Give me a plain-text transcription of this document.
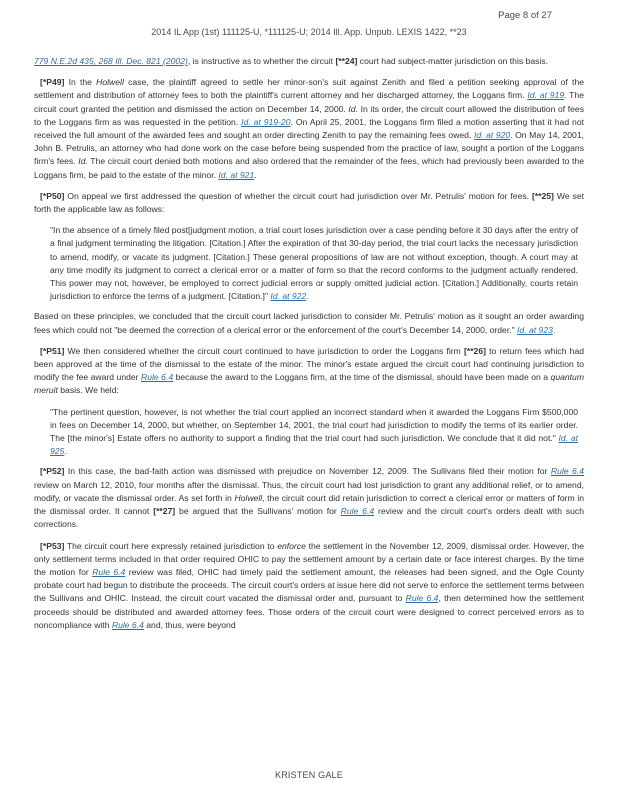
Page 8 of 27
2014 IL App (1st) 111125-U, *111125-U; 2014 Ill. App. Unpub. LEXIS 1422, **23

779 N.E.2d 435, 268 Ill. Dec. 821 (2002), is instructive as to whether the circuit [**24] court had subject-matter jurisdiction on this basis.

[*P49] In the Holwell case, the plaintiff agreed to settle her minor-son's suit against Zenith and filed a petition seeking approval of the settlement and distribution of attorney fees to both the plaintiff's current attorney and her discharged attorney, the Loggans firm. Id. at 919. The circuit court granted the petition and dismissed the action on December 14, 2000. Id. In its order, the circuit court allowed the distribution of fees to the Loggans firm as was requested in the petition. Id. at 919-20. On April 25, 2001, the Loggans firm filed a motion asserting that it had not received the full amount of the awarded fees and sought an order directing Zenith to pay the remaining fees owed. Id. at 920. On May 14, 2001, John B. Petrulis, an attorney who had done work on the case before being suspended from the practice of law, sought a portion of the Loggans firm's fees. Id. The circuit court denied both motions and also ordered that the remainder of the fees, which had previously been awarded to the Loggans firm, be paid to the estate of the minor. Id. at 921.

[*P50] On appeal we first addressed the question of whether the circuit court had jurisdiction over Mr. Petrulis' motion for fees. [**25] We set forth the applicable law as follows:

"In the absence of a timely filed post[judgment motion, a trial court loses jurisdiction over a case pending before it 30 days after the entry of a final judgment terminating the litigation. [Citation.] After the expiration of that 30-day period, the trial court lacks the necessary jurisdiction to amend, modify, or vacate its judgment. [Citation.] These general propositions of law are not without exception, though. A court may at any time modify its judgment to correct a clerical error or a matter of form so that the record conforms to the judgment actually rendered. This power may not, however, be employed to correct judicial errors or supply omitted judicial action. [Citation.] Additionally, courts retain jurisdiction to enforce the terms of a judgment. [Citation.]" Id. at 922.

Based on these principles, we concluded that the circuit court lacked jurisdiction to consider Mr. Petrulis' motion as it sought an order awarding fees which could not "be deemed the correction of a clerical error or the enforcement of the court's December 14, 2000, order." Id. at 923.

[*P51] We then considered whether the circuit court continued to have jurisdiction to order the Loggans firm [**26] to return fees which had been approved at the time of the dismissal to the estate of the minor. The minor's estate argued the circuit court had continuing jurisdiction to modify the fee award under Rule 6.4 because the award to the Loggans firm, at the time of the dismissal, should have been made on a quantum meruit basis. We held:

"The pertinent question, however, is not whether the trial court applied an incorrect standard when it awarded the Loggans Firm $500,000 in fees on December 14, 2000, but whether, on September 14, 2001, the trial court had jurisdiction to modify the terms of its earlier order. The [the minor's] Estate offers no authority to support a finding that the trial court had such jurisdiction. We conclude that it did not." Id. at 925.

[*P52] In this case, the bad-faith action was dismissed with prejudice on November 12, 2009. The Sullivans filed their motion for Rule 6.4 review on March 12, 2010, four months after the dismissal. Thus, the circuit court had lost jurisdiction to grant any additional relief, or to amend, modify, or vacate the dismissal order. As set forth in Holwell, the circuit court did retain jurisdiction to correct a clerical error or matters of form in the dismissal order. It cannot [**27] be argued that the Sullivans' motion for Rule 6.4 review and the circuit court's orders dealt with such corrections.

[*P53] The circuit court here expressly retained jurisdiction to enforce the settlement in the November 12, 2009, dismissal order. However, the only settlement terms included in that order required OHIC to pay the settlement amount by a certain date or face interest charges. By the time the motion for Rule 6.4 review was filed, OHIC had timely paid the settlement amount, the releases had been signed, and the Ogle County probate court had begun to distribute the proceeds. The circuit court's orders at issue here did not serve to enforce the settlement terms between the Sullivans and OHIC. Instead, the circuit court vacated the dismissal order and, pursuant to Rule 6.4, then determined how the settlement proceeds should be distributed and awarded attorney fees. Those orders of the circuit court were designed to correct perceived errors as to noncompliance with Rule 6.4 and, thus, were beyond

KRISTEN GALE
